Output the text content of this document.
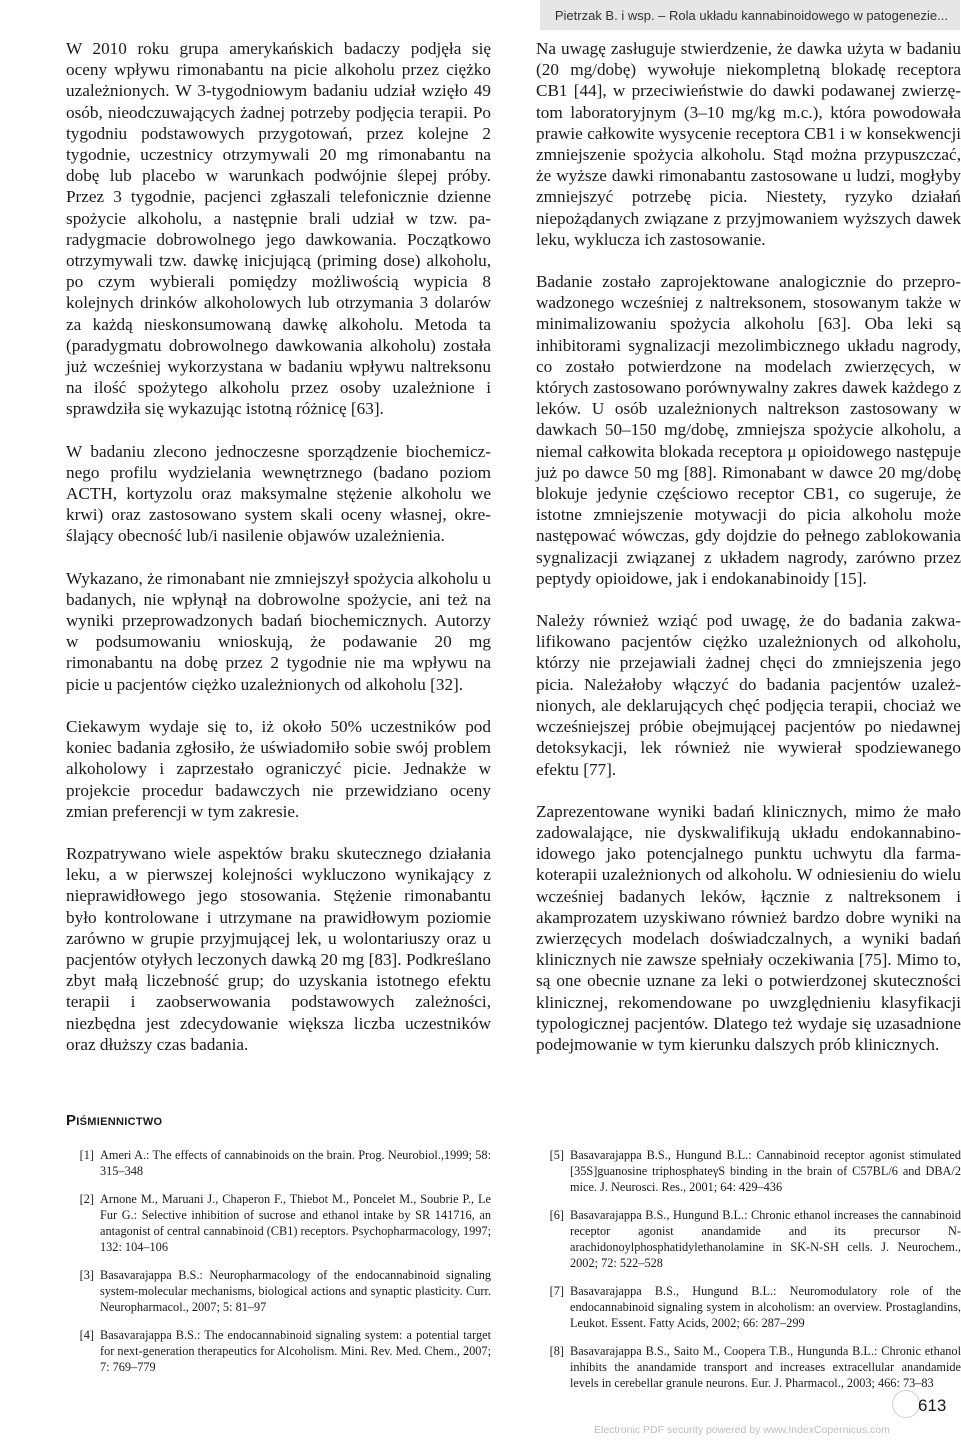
Pietrzak B. i wsp. – Rola układu kannabinoidowego w patogenezie...

W 2010 roku grupa amerykańskich badaczy podjęła się oceny wpływu rimonabantu na picie alkoholu przez ciężko uzależnionych. W 3-tygodniowym badaniu udział wzięło 49 osób, nieodczuwających żadnej potrzeby podjęcia terapii. Po tygodniu podstawowych przygotowań, przez kolejne 2 tygodnie, uczestnicy otrzymywali 20 mg rimonabantu na dobę lub placebo w warunkach podwójnie ślepej próby. Przez 3 tygodnie, pacjenci zgłaszali telefonicznie dzienne spożycie alkoholu, a następnie brali udział w tzw. paradygmacie dobrowolnego jego dawkowania. Początkowo otrzymywali tzw. dawkę inicjującą (priming dose) alkoholu, po czym wybierali pomiędzy możliwością wypicia 8 kolejnych drinków alkoholowych lub otrzymania 3 dolarów za każdą nieskonsumowaną dawkę alkoholu. Metoda ta (paradygmatu dobrowolnego dawkowania alkoholu) została już wcześniej wykorzystana w badaniu wpływu naltreksonu na ilość spożytego alkoholu przez osoby uzależnione i sprawdziła się wykazując istotną różnicę [63].

W badaniu zlecono jednoczesne sporządzenie biochemicznego profilu wydzielania wewnętrznego (badano poziom ACTH, kortyzolu oraz maksymalne stężenie alkoholu we krwi) oraz zastosowano system skali oceny własnej, określający obecność lub/i nasilenie objawów uzależnienia.

Wykazano, że rimonabant nie zmniejszył spożycia alkoholu u badanych, nie wpłynął na dobrowolne spożycie, ani też na wyniki przeprowadzonych badań biochemicznych. Autorzy w podsumowaniu wnioskują, że podawanie 20 mg rimonabantu na dobę przez 2 tygodnie nie ma wpływu na picie u pacjentów ciężko uzależnionych od alkoholu [32].

Ciekawym wydaje się to, iż około 50% uczestników pod koniec badania zgłosiło, że uświadomiło sobie swój problem alkoholowy i zaprzestało ograniczyć picie. Jednakże w projekcie procedur badawczych nie przewidziano oceny zmian preferencji w tym zakresie.

Rozpatrywano wiele aspektów braku skutecznego działania leku, a w pierwszej kolejności wykluczono wynikający z nieprawidłowego jego stosowania. Stężenie rimonabantu było kontrolowane i utrzymane na prawidłowym poziomie zarówno w grupie przyjmującej lek, u wolontariuszy oraz u pacjentów otyłych leczonych dawką 20 mg [83]. Podkreślano zbyt małą liczebność grup; do uzyskania istotnego efektu terapii i zaobserwowania podstawowych zależności, niezbędna jest zdecydowanie większa liczba uczestników oraz dłuższy czas badania.

Na uwagę zasługuje stwierdzenie, że dawka użyta w badaniu (20 mg/dobę) wywołuje niekompletną blokadę receptora CB1 [44], w przeciwieństwie do dawki podawanej zwierzętom laboratoryjnym (3–10 mg/kg m.c.), która powodowała prawie całkowite wysycenie receptora CB1 i w konsekwencji zmniejszenie spożycia alkoholu. Stąd można przypuszczać, że wyższe dawki rimonabantu zastosowane u ludzi, mogłyby zmniejszyć potrzebę picia. Niestety, ryzyko działań niepożądanych związane z przyjmowaniem wyższych dawek leku, wyklucza ich zastosowanie.

Badanie zostało zaprojektowane analogicznie do przeprowadzonego wcześniej z naltreksonem, stosowanym także w minimalizowaniu spożycia alkoholu [63]. Oba leki są inhibitorami sygnalizacji mezolimbicznego układu nagrody, co zostało potwierdzone na modelach zwierzęcych, w których zastosowano porównywalny zakres dawek każdego z leków. U osób uzależnionych naltrekson zastosowany w dawkach 50–150 mg/dobę, zmniejsza spożycie alkoholu, a niemal całkowita blokada receptora μ opioidowego następuje już po dawce 50 mg [88]. Rimonabant w dawce 20 mg/dobę blokuje jedynie częściowo receptor CB1, co sugeruje, że istotne zmniejszenie motywacji do picia alkoholu może następować wówczas, gdy dojdzie do pełnego zablokowania sygnalizacji związanej z układem nagrody, zarówno przez peptydy opioidowe, jak i endokanabinoidy [15].

Należy również wziąć pod uwagę, że do badania zakwalifikowano pacjentów ciężko uzależnionych od alkoholu, którzy nie przejawiali żadnej chęci do zmniejszenia jego picia. Należałoby włączyć do badania pacjentów uzależnionych, ale deklarujących chęć podjęcia terapii, chociaż we wcześniejszej próbie obejmującej pacjentów po niedawnej detoksykacji, lek również nie wywierał spodziewanego efektu [77].

Zaprezentowane wyniki badań klinicznych, mimo że mało zadowalające, nie dyskwalifikują układu endokannabinoidowego jako potencjalnego punktu uchwytu dla farmakoterapii uzależnionych od alkoholu. W odniesieniu do wielu wcześniej badanych leków, łącznie z naltreksonem i akamprozatem uzyskiwano również bardzo dobre wyniki na zwierzęcych modelach doświadczalnych, a wyniki badań klinicznych nie zawsze spełniały oczekiwania [75]. Mimo to, są one obecnie uznane za leki o potwierdzonej skuteczności klinicznej, rekomendowane po uwzględnieniu klasyfikacji typologicznej pacjentów. Dlatego też wydaje się uzasadnione podejmowanie w tym kierunku dalszych prób klinicznych.

Piśmiennictwo
[1] Ameri A.: The effects of cannabinoids on the brain. Prog. Neurobiol.,1999; 58: 315–348
[2] Arnone M., Maruani J., Chaperon F., Thiebot M., Poncelet M., Soubrie P., Le Fur G.: Selective inhibition of sucrose and ethanol intake by SR 141716, an antagonist of central cannabinoid (CB1) receptors. Psychopharmacology, 1997; 132: 104–106
[3] Basavarajappa B.S.: Neuropharmacology of the endocannabinoid signaling system-molecular mechanisms, biological actions and synaptic plasticity. Curr. Neuropharmacol., 2007; 5: 81–97
[4] Basavarajappa B.S.: The endocannabinoid signaling system: a potential target for next-generation therapeutics for Alcoholism. Mini. Rev. Med. Chem., 2007; 7: 769–779
[5] Basavarajappa B.S., Hungund B.L.: Cannabinoid receptor agonist stimulated [35S]guanosine triphosphateγS binding in the brain of C57BL/6 and DBA/2 mice. J. Neurosci. Res., 2001; 64: 429–436
[6] Basavarajappa B.S., Hungund B.L.: Chronic ethanol increases the cannabinoid receptor agonist anandamide and its precursor N-arachidonoylphosphatidylethanolamine in SK-N-SH cells. J. Neurochem., 2002; 72: 522–528
[7] Basavarajappa B.S., Hungund B.L.: Neuromodulatory role of the endocannabinoid signaling system in alcoholism: an overview. Prostaglandins, Leukot. Essent. Fatty Acids, 2002; 66: 287–299
[8] Basavarajappa B.S., Saito M., Coopera T.B., Hungunda B.L.: Chronic ethanol inhibits the anandamide transport and increases extracellular anandamide levels in cerebellar granule neurons. Eur. J. Pharmacol., 2003; 466: 73–83
Electronic PDF security powered by www.IndexCopernicus.com
613
